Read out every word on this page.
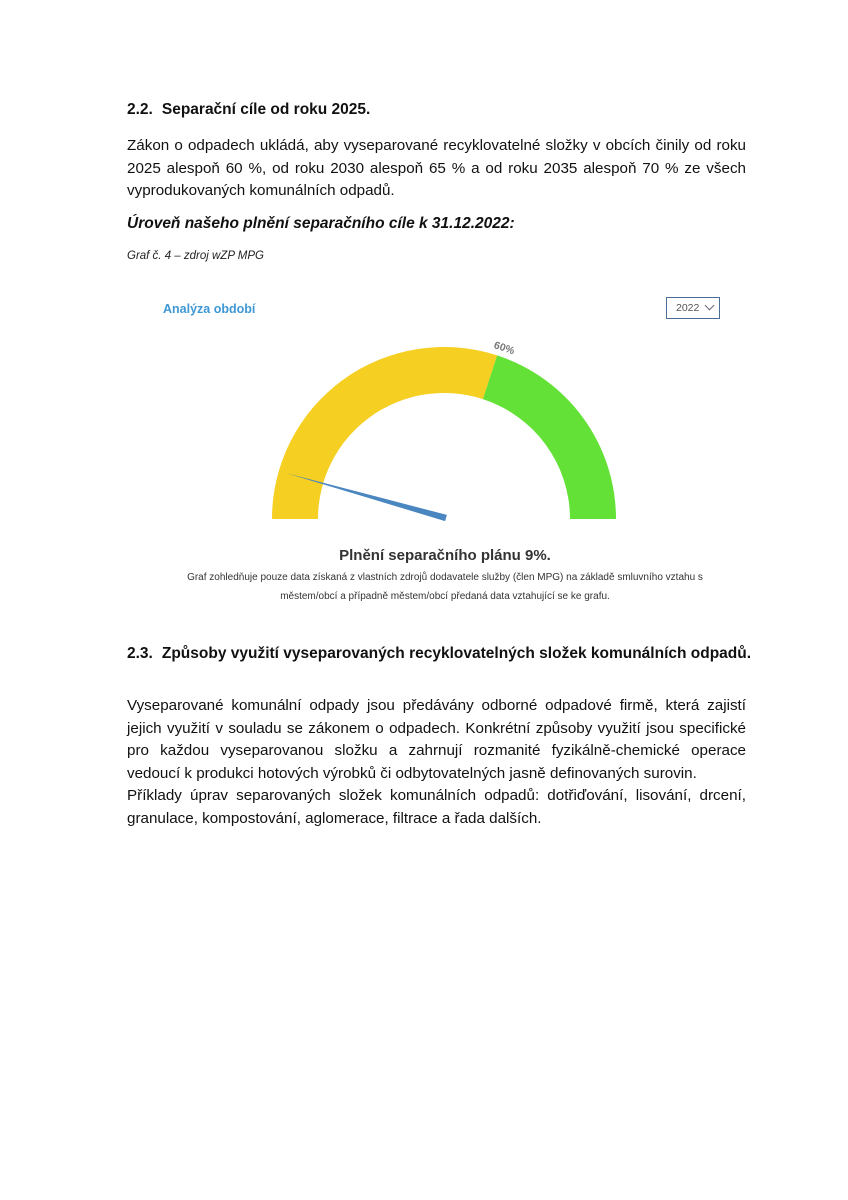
2.2. Separační cíle od roku 2025.

Zákon o odpadech ukládá, aby vyseparované recyklovatelné složky v obcích činily od roku 2025 alespoň 60 %, od roku 2030 alespoň 65 % a od roku 2035 alespoň 70 % ze všech vyprodukovaných komunálních odpadů.

Úroveň našeho plnění separačního cíle k 31.12.2022:

Graf č. 4 – zdroj wZP MPG

Analýza období	2022
60%
Plnění separačního plánu 9%.
Graf zohledňuje pouze data získaná z vlastních zdrojů dodavatele služby (člen MPG) na základě smluvního vztahu s
městem/obcí a případně městem/obcí předaná data vztahující se ke grafu.
2.3. Způsoby využití vyseparovaných recyklovatelných složek komunálních odpadů.

Vyseparované komunální odpady jsou předávány odborné odpadové firmě, která zajistí jejich využití v souladu se zákonem o odpadech. Konkrétní způsoby využití jsou specifické pro každou vyseparovanou složku a zahrnují rozmanité fyzikálně-chemické operace vedoucí k produkci hotových výrobků či odbytovatelných jasně definovaných surovin.

Příklady úprav separovaných složek komunálních odpadů: dotřiďování, lisování, drcení, granulace, kompostování, aglomerace, filtrace a řada dalších.
